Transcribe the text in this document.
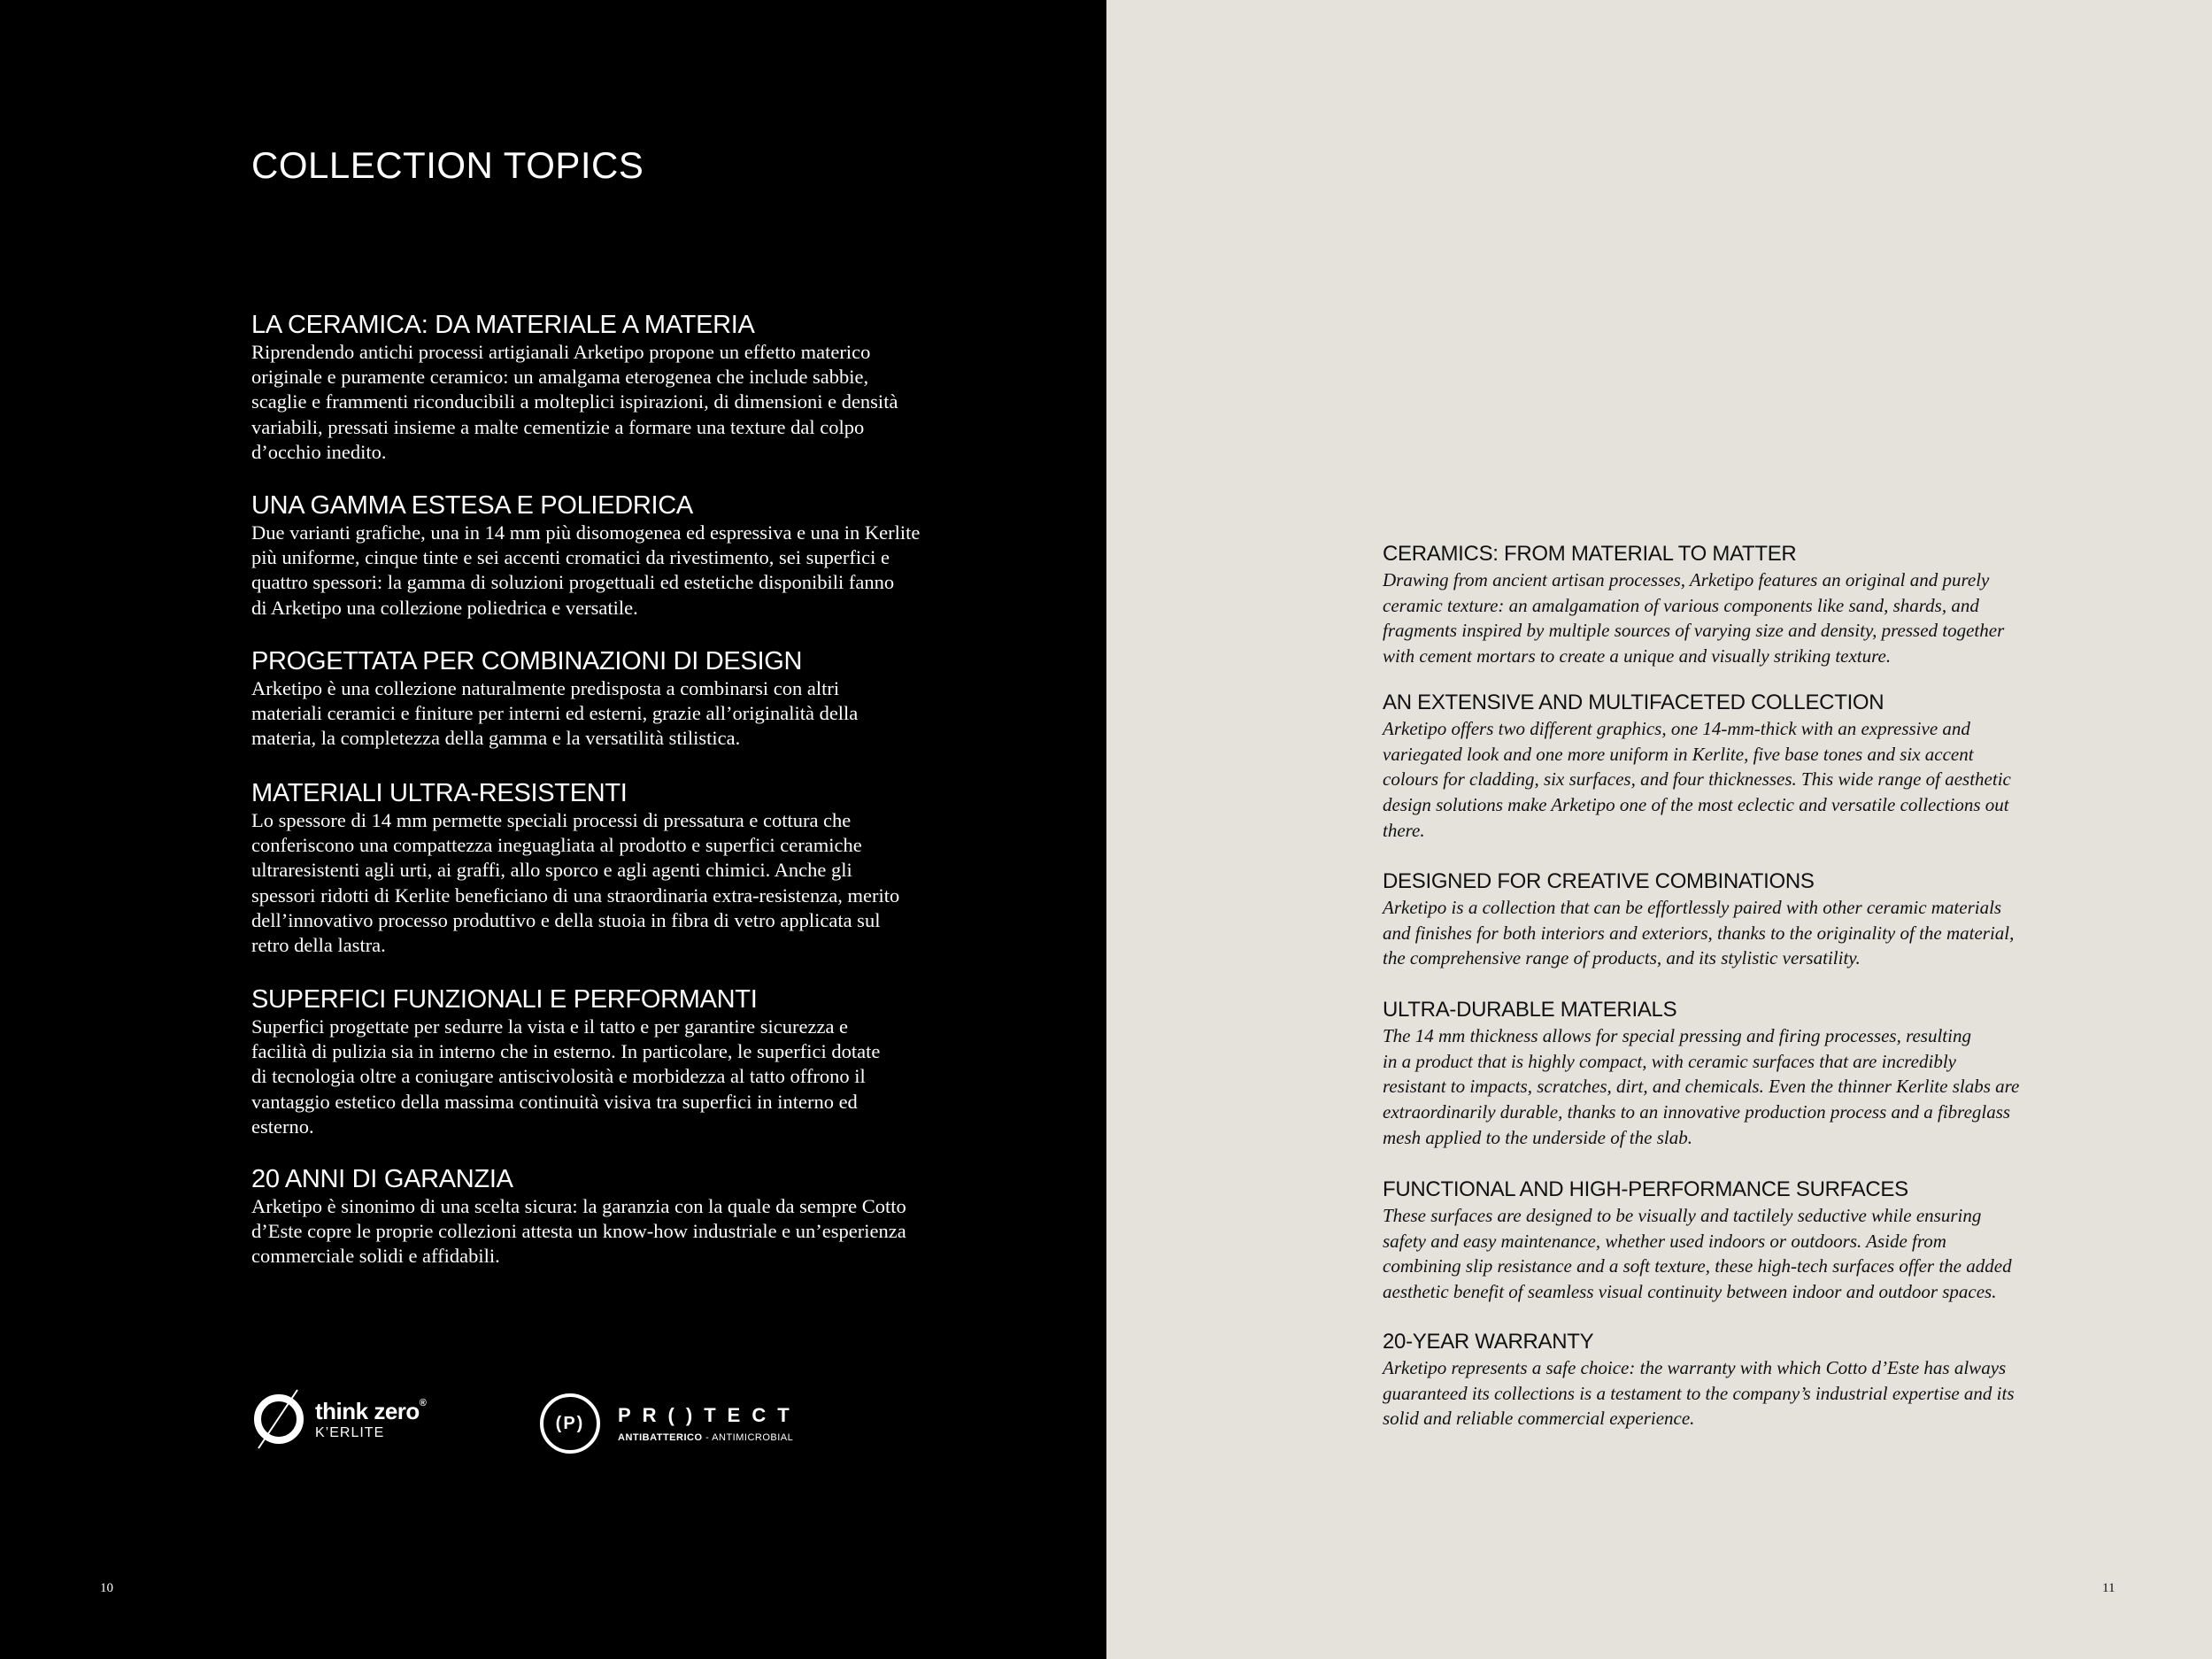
COLLECTION TOPICS
LA CERAMICA: DA MATERIALE A MATERIA
Riprendendo antichi processi artigianali Arketipo propone un effetto materico
originale e puramente ceramico: un amalgama eterogenea che include sabbie,
scaglie e frammenti riconducibili a molteplici ispirazioni, di dimensioni e densità
variabili, pressati insieme a malte cementizie a formare una texture dal colpo
d’occhio inedito.
UNA GAMMA ESTESA E POLIEDRICA
Due varianti grafiche, una in 14 mm più disomogenea ed espressiva e una in Kerlite
più uniforme, cinque tinte e sei accenti cromatici da rivestimento, sei superfici e
quattro spessori: la gamma di soluzioni progettuali ed estetiche disponibili fanno
di Arketipo una collezione poliedrica e versatile.
PROGETTATA PER COMBINAZIONI DI DESIGN
Arketipo è una collezione naturalmente predisposta a combinarsi con altri
materiali ceramici e finiture per interni ed esterni, grazie all’originalità della
materia, la completezza della gamma e la versatilità stilistica.
MATERIALI ULTRA-RESISTENTI
Lo spessore di 14 mm permette speciali processi di pressatura e cottura che
conferiscono una compattezza ineguagliata al prodotto e superfici ceramiche
ultraresistenti agli urti, ai graffi, allo sporco e agli agenti chimici. Anche gli
spessori ridotti di Kerlite beneficiano di una straordinaria extra-resistenza, merito
dell’innovativo processo produttivo e della stuoia in fibra di vetro applicata sul
retro della lastra.
SUPERFICI FUNZIONALI E PERFORMANTI
Superfici progettate per sedurre la vista e il tatto e per garantire sicurezza e
facilità di pulizia sia in interno che in esterno. In particolare, le superfici dotate
di tecnologia oltre a coniugare antiscivolosità e morbidezza al tatto offrono il
vantaggio estetico della massima continuità visiva tra superfici in interno ed
esterno.
20 ANNI DI GARANZIA
Arketipo è sinonimo di una scelta sicura: la garanzia con la quale da sempre Cotto
d’Este copre le proprie collezioni attesta un know-how industriale e un’esperienza
commerciale solidi e affidabili.
think zero®
K’ERLITE	(P)	PR()TECT
ANTIBATTERICO - ANTIMICROBIAL
10
CERAMICS: FROM MATERIAL TO MATTER
Drawing from ancient artisan processes, Arketipo features an original and purely
ceramic texture: an amalgamation of various components like sand, shards, and
fragments inspired by multiple sources of varying size and density, pressed together
with cement mortars to create a unique and visually striking texture.
AN EXTENSIVE AND MULTIFACETED COLLECTION
Arketipo offers two different graphics, one 14-mm-thick with an expressive and
variegated look and one more uniform in Kerlite, five base tones and six accent
colours for cladding, six surfaces, and four thicknesses. This wide range of aesthetic
design solutions make Arketipo one of the most eclectic and versatile collections out
there.
DESIGNED FOR CREATIVE COMBINATIONS
Arketipo is a collection that can be effortlessly paired with other ceramic materials
and finishes for both interiors and exteriors, thanks to the originality of the material,
the comprehensive range of products, and its stylistic versatility.
ULTRA-DURABLE MATERIALS
The 14 mm thickness allows for special pressing and firing processes, resulting
in a product that is highly compact, with ceramic surfaces that are incredibly
resistant to impacts, scratches, dirt, and chemicals. Even the thinner Kerlite slabs are
extraordinarily durable, thanks to an innovative production process and a fibreglass
mesh applied to the underside of the slab.
FUNCTIONAL AND HIGH-PERFORMANCE SURFACES
These surfaces are designed to be visually and tactilely seductive while ensuring
safety and easy maintenance, whether used indoors or outdoors. Aside from
combining slip resistance and a soft texture, these high-tech surfaces offer the added
aesthetic benefit of seamless visual continuity between indoor and outdoor spaces.
20-YEAR WARRANTY
Arketipo represents a safe choice: the warranty with which Cotto d’Este has always
guaranteed its collections is a testament to the company’s industrial expertise and its
solid and reliable commercial experience.
11
